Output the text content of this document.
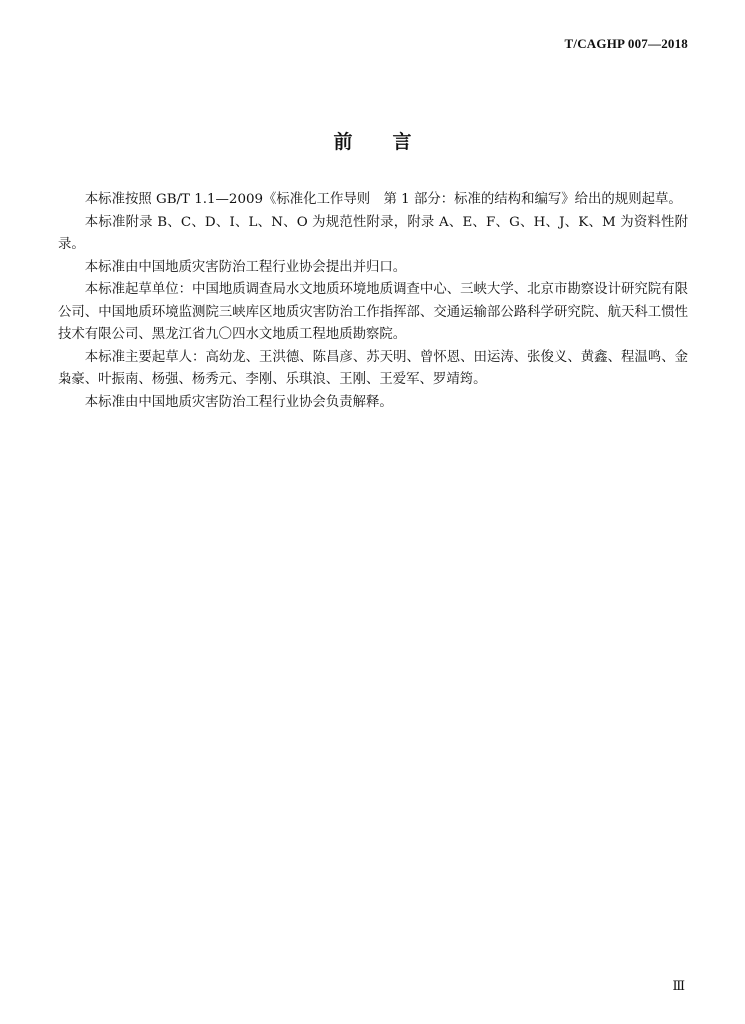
T/CAGHP 007—2018
前言

本标准按照 GB/T 1.1—2009《标准化工作导则　第 1 部分：标准的结构和编写》给出的规则起草。

本标准附录 B、C、D、I、L、N、O 为规范性附录，附录 A、E、F、G、H、J、K、M 为资料性附录。

本标准由中国地质灾害防治工程行业协会提出并归口。

本标准起草单位：中国地质调查局水文地质环境地质调查中心、三峡大学、北京市勘察设计研究院有限公司、中国地质环境监测院三峡库区地质灾害防治工作指挥部、交通运输部公路科学研究院、航天科工惯性技术有限公司、黑龙江省九〇四水文地质工程地质勘察院。

本标准主要起草人：高幼龙、王洪德、陈昌彦、苏天明、曾怀恩、田运涛、张俊义、黄鑫、程温鸣、金枭豪、叶振南、杨强、杨秀元、李刚、乐琪浪、王刚、王爱军、罗靖筠。

本标准由中国地质灾害防治工程行业协会负责解释。

Ⅲ
